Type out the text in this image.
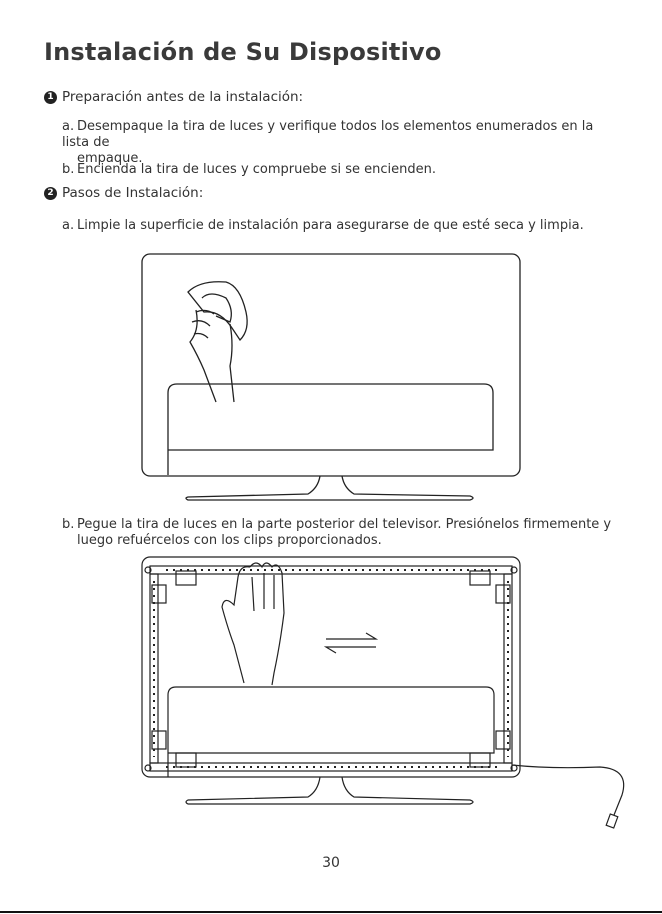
Instalación de Su Dispositivo
1 Preparación antes de la instalación:
a. Desempaque la tira de luces y verifique todos los elementos enumerados en la lista de
empaque.
b. Encienda la tira de luces y compruebe si se encienden.
2 Pasos de Instalación:
a. Limpie la superficie de instalación para asegurarse de que esté seca y limpia.
b. Pegue la tira de luces en la parte posterior del televisor. Presiónelos firmemente y
luego refuércelos con los clips proporcionados.
30
